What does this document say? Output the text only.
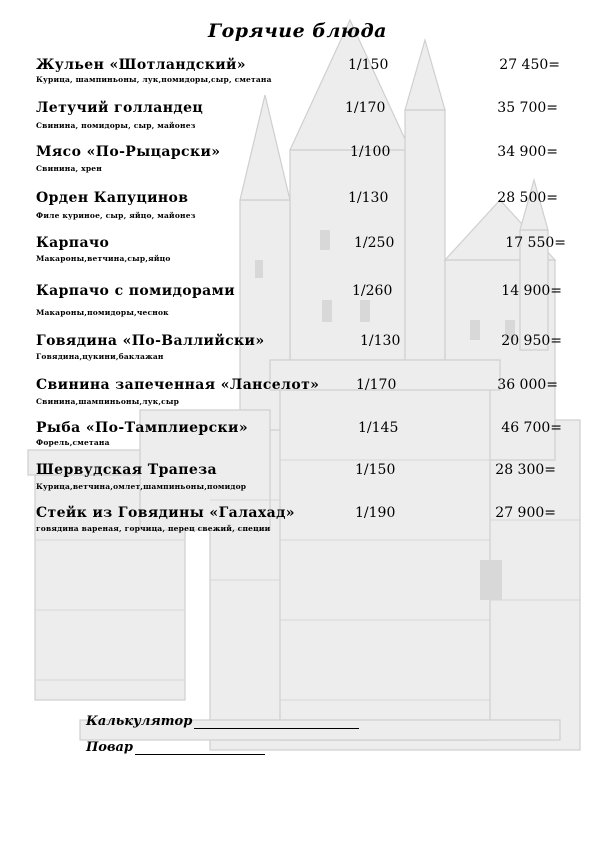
Горячие блюда
Жульен «Шотландский»	1/150	27 450=
Курица, шампиньоны, лук,помидоры,сыр, сметана
Летучий голландец	1/170	35 700=
Свинина, помидоры, сыр, майонез
Мясо «По-Рыцарски»	1/100	34 900=
Свинина, хрен
Орден Капуцинов	1/130	28 500=
Филе куриное, сыр, яйцо, майонез
Карпачо	1/250	17 550=
Макароны,ветчина,сыр,яйцо
Карпачо с помидорами	1/260	14 900=
Макароны,помидоры,чеснок
Говядина «По-Валлийски»	1/130	20 950=
Говядина,цукини,баклажан
Свинина запеченная «Ланселот»	1/170	36 000=
Свинина,шампиньоны,лук,сыр
Рыба «По-Тамплиерски»	1/145	46 700=
Форель,сметана
Шервудская Трапеза	1/150	28 300=
Курица,ветчина,омлет,шампиньоны,помидор
Стейк из Говядины «Галахад»	1/190	27 900=
говядина вареная, горчица, перец свежий, специи
Калькулятор
Повар
